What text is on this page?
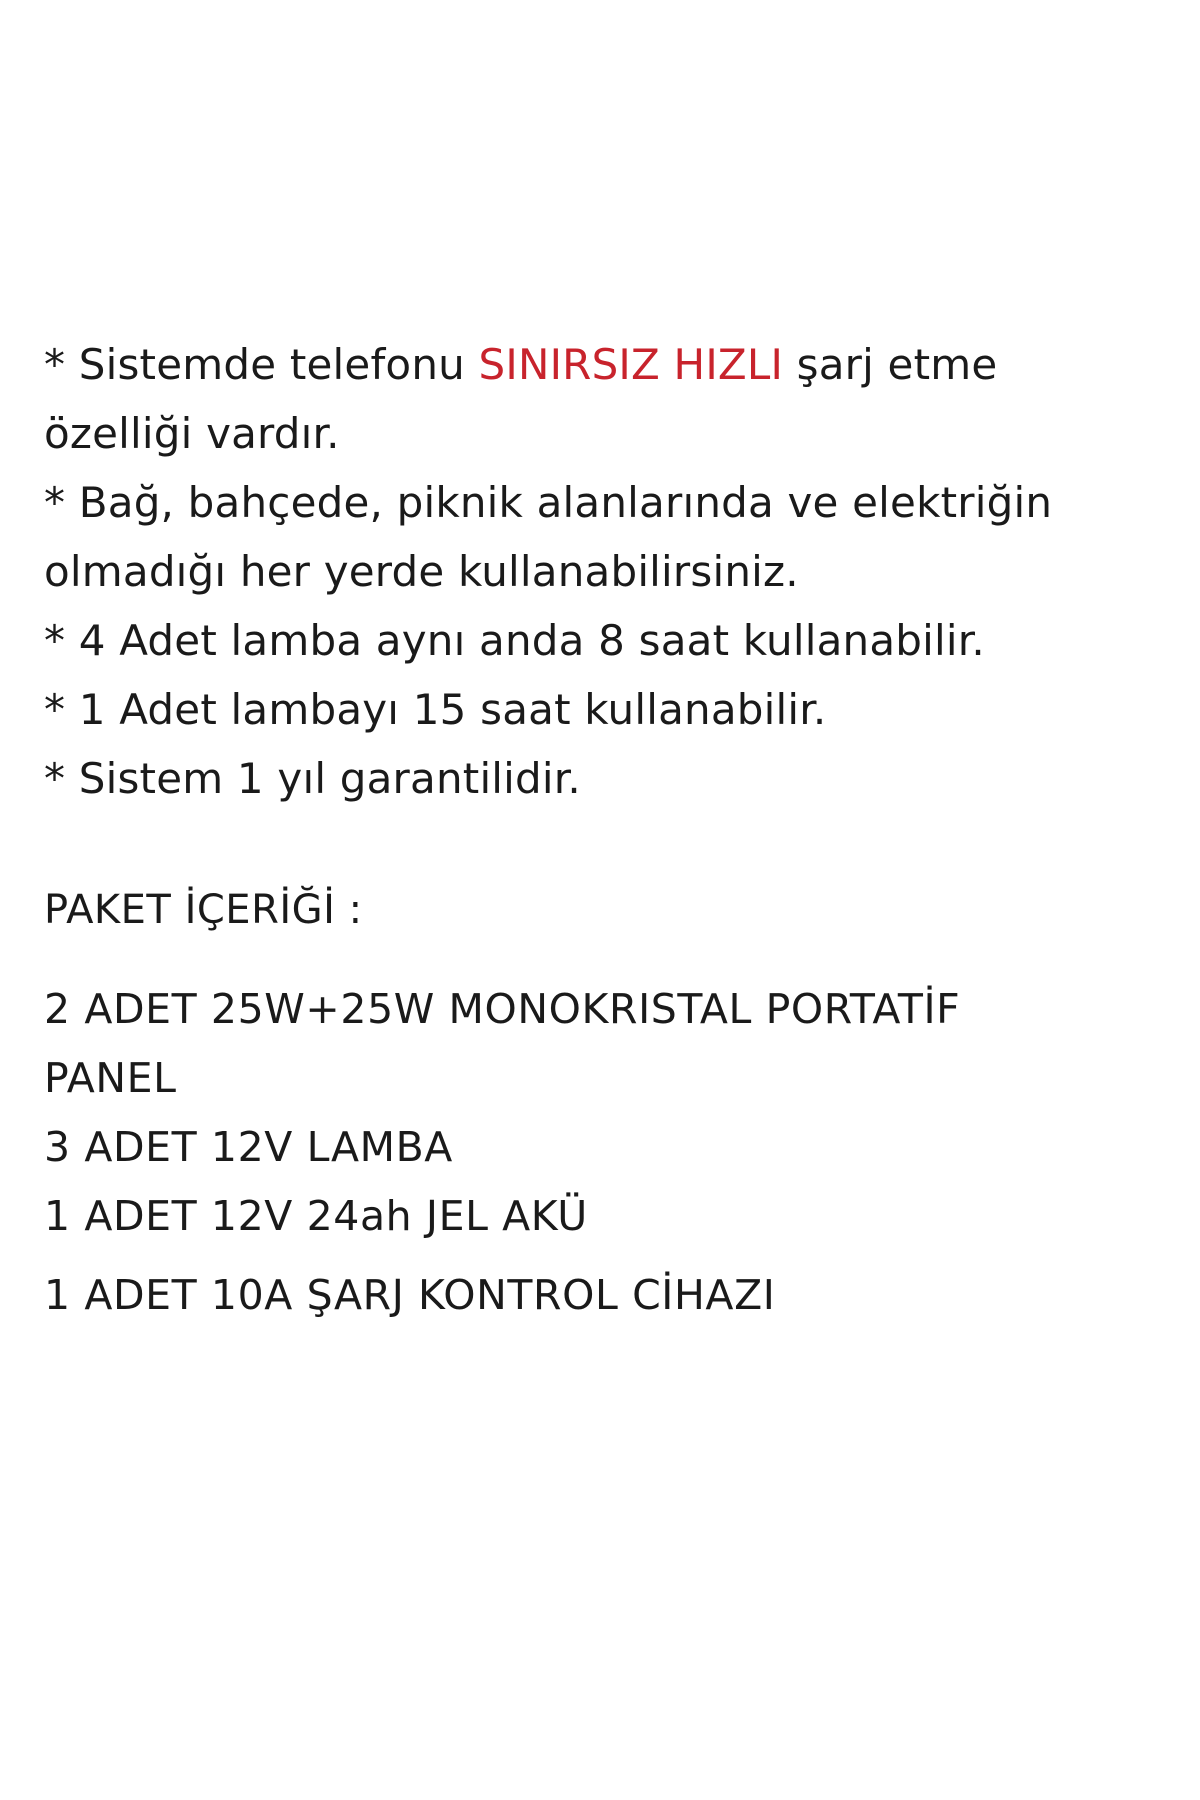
* Sistemde telefonu SINIRSIZ HIZLI şarj etme özelliği vardır.
* Bağ, bahçede, piknik alanlarında ve elektriğin olmadığı her yerde kullanabilirsiniz.
* 4 Adet lamba aynı anda 8 saat kullanabilir.
* 1 Adet lambayı 15 saat kullanabilir.
* Sistem 1 yıl garantilidir.
PAKET İÇERİĞİ :
2 ADET 25W+25W MONOKRISTAL PORTATİF PANEL
3 ADET 12V LAMBA
1 ADET 12V 24ah JEL AKÜ
1 ADET 10A ŞARJ KONTROL CİHAZI
